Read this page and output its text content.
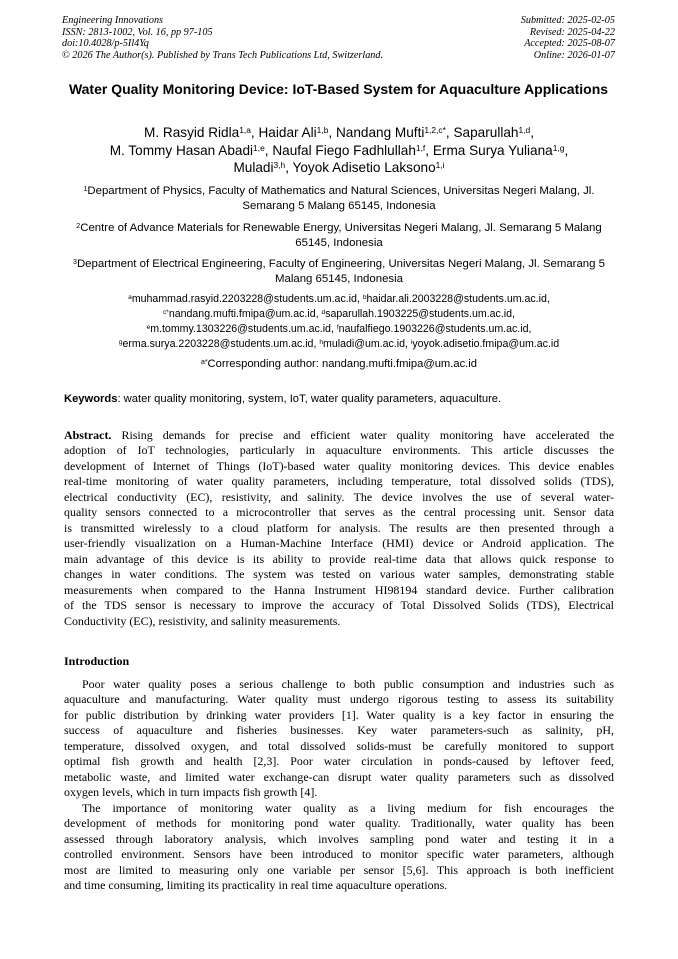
Engineering Innovations	Submitted: 2025-02-05
ISSN: 2813-1002, Vol. 16, pp 97-105	Revised: 2025-04-22
doi:10.4028/p-5Il4Yq	Accepted: 2025-08-07
© 2026 The Author(s). Published by Trans Tech Publications Ltd, Switzerland.	Online: 2026-01-07
Water Quality Monitoring Device: IoT-Based System for Aquaculture Applications
M. Rasyid Ridla$^{1,a}$, Haidar Ali$^{1,b}$, Nandang Mufti$^{1,2,c*}$, Saparullah$^{1,d}$,
M. Tommy Hasan Abadi$^{1,e}$, Naufal Fiego Fadhlullah$^{1,f}$, Erma Surya Yuliana$^{1,g}$,
Muladi$^{3,h}$, Yoyok Adisetio Laksono$^{1,i}$
$^1$Department of Physics, Faculty of Mathematics and Natural Sciences, Universitas Negeri Malang, Jl. Semarang 5 Malang 65145, Indonesia
$^2$Centre of Advance Materials for Renewable Energy, Universitas Negeri Malang, Jl. Semarang 5 Malang 65145, Indonesia
$^3$Department of Electrical Engineering, Faculty of Engineering, Universitas Negeri Malang, Jl. Semarang 5 Malang 65145, Indonesia
$^a$muhammad.rasyid.2203228@students.um.ac.id, $^b$haidar.ali.2003228@students.um.ac.id,
$^{c*}$nandang.mufti.fmipa@um.ac.id, $^d$saparullah.1903225@students.um.ac.id,
$^e$m.tommy.1303226@students.um.ac.id, $^f$naufalfiego.1903226@students.um.ac.id,
$^g$erma.surya.2203228@students.um.ac.id, $^h$muladi@um.ac.id, $^i$yoyok.adisetio.fmipa@um.ac.id
$^{a*}$Corresponding author: nandang.mufti.fmipa@um.ac.id
Keywords: water quality monitoring, system, IoT, water quality parameters, aquaculture.
Abstract. Rising demands for precise and efficient water quality monitoring have accelerated the
adoption of IoT technologies, particularly in aquaculture environments. This article discusses the
development of Internet of Things (IoT)-based water quality monitoring devices. This device enables
real-time monitoring of water quality parameters, including temperature, total dissolved solids (TDS),
electrical conductivity (EC), resistivity, and salinity. The device involves the use of several water-
quality sensors connected to a microcontroller that serves as the central processing unit. Sensor data
is transmitted wirelessly to a cloud platform for analysis. The results are then presented through a
user-friendly visualization on a Human-Machine Interface (HMI) device or Android application. The
main advantage of this device is its ability to provide real-time data that allows quick response to
changes in water conditions. The system was tested on various water samples, demonstrating stable
measurements when compared to the Hanna Instrument HI98194 standard device. Further calibration
of the TDS sensor is necessary to improve the accuracy of Total Dissolved Solids (TDS), Electrical
Conductivity (EC), resistivity, and salinity measurements.
Introduction
Poor water quality poses a serious challenge to both public consumption and industries such as
aquaculture and manufacturing. Water quality must undergo rigorous testing to assess its suitability
for public distribution by drinking water providers [1]. Water quality is a key factor in ensuring the
success of aquaculture and fisheries businesses. Key water parameters-such as salinity, pH,
temperature, dissolved oxygen, and total dissolved solids-must be carefully monitored to support
optimal fish growth and health [2,3]. Poor water circulation in ponds-caused by leftover feed,
metabolic waste, and limited water exchange-can disrupt water quality parameters such as dissolved
oxygen levels, which in turn impacts fish growth [4].
The importance of monitoring water quality as a living medium for fish encourages the
development of methods for monitoring pond water quality. Traditionally, water quality has been
assessed through laboratory analysis, which involves sampling pond water and testing it in a
controlled environment. Sensors have been introduced to monitor specific water parameters, although
most are limited to measuring only one variable per sensor [5,6]. This approach is both inefficient
and time consuming, limiting its practicality in real time aquaculture operations.
